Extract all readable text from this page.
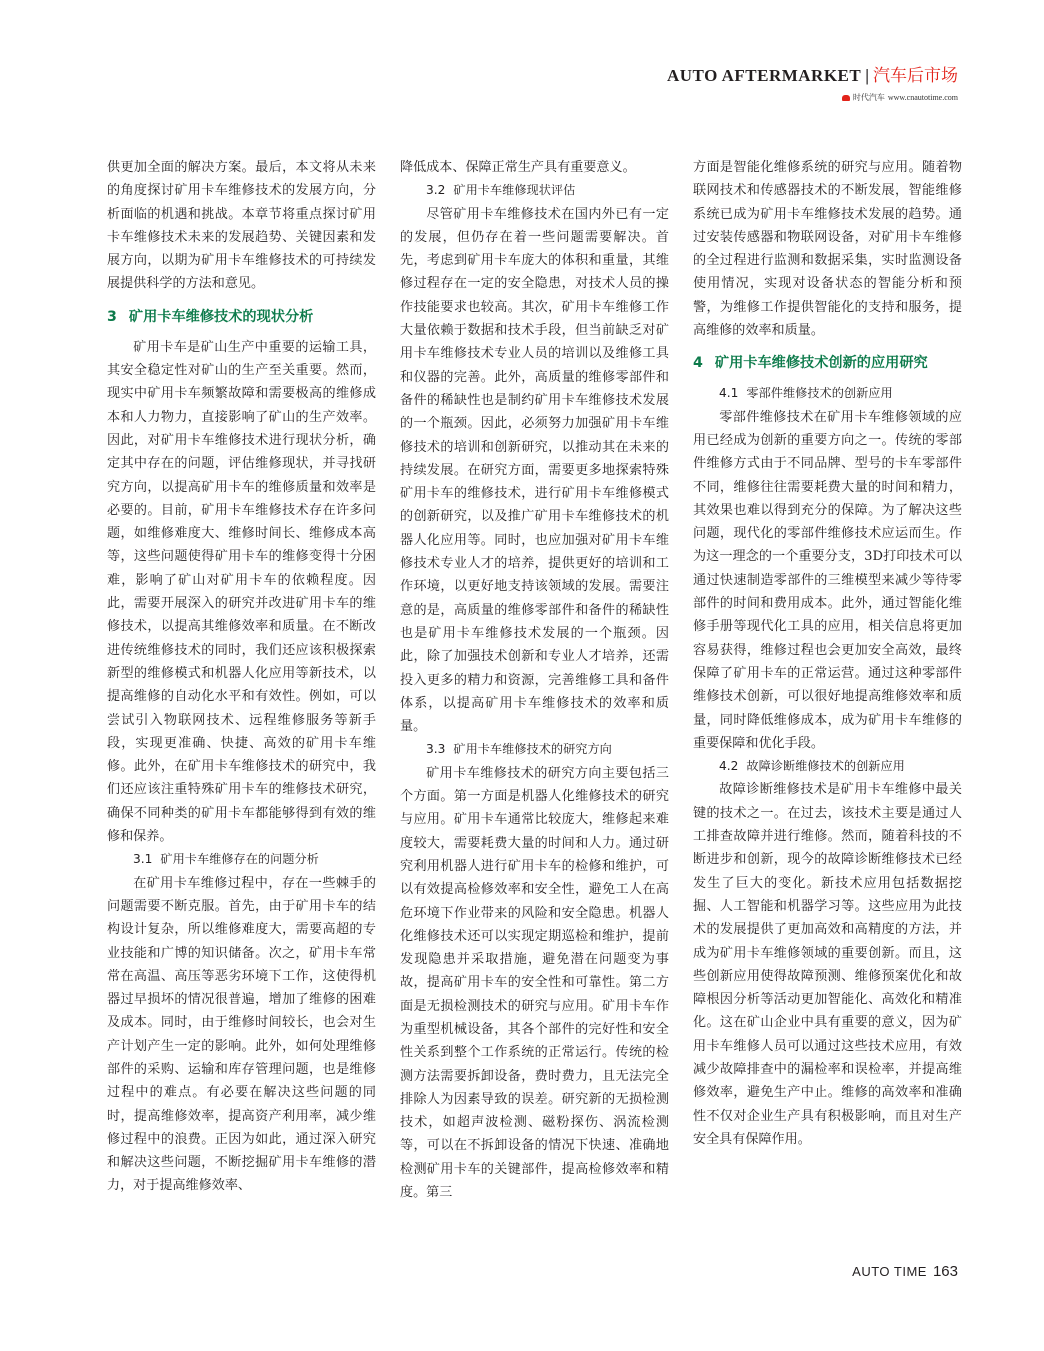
AUTO AFTERMARKET | 汽车后市场
时代汽车 www.cnautotime.com

供更加全面的解决方案。最后，本文将从未来的角度探讨矿用卡车维修技术的发展方向，分析面临的机遇和挑战。本章节将重点探讨矿用卡车维修技术未来的发展趋势、关键因素和发展方向，以期为矿用卡车维修技术的可持续发展提供科学的方法和意见。

3 矿用卡车维修技术的现状分析

矿用卡车是矿山生产中重要的运输工具，其安全稳定性对矿山的生产至关重要。然而，现实中矿用卡车频繁故障和需要极高的维修成本和人力物力，直接影响了矿山的生产效率。因此，对矿用卡车维修技术进行现状分析，确定其中存在的问题，评估维修现状，并寻找研究方向，以提高矿用卡车的维修质量和效率是必要的。目前，矿用卡车维修技术存在许多问题，如维修难度大、维修时间长、维修成本高等，这些问题使得矿用卡车的维修变得十分困难，影响了矿山对矿用卡车的依赖程度。因此，需要开展深入的研究并改进矿用卡车的维修技术，以提高其维修效率和质量。在不断改进传统维修技术的同时，我们还应该积极探索新型的维修模式和机器人化应用等新技术，以提高维修的自动化水平和有效性。例如，可以尝试引入物联网技术、远程维修服务等新手段，实现更准确、快捷、高效的矿用卡车维修。此外，在矿用卡车维修技术的研究中，我们还应该注重特殊矿用卡车的维修技术研究，确保不同种类的矿用卡车都能够得到有效的维修和保养。

3.1 矿用卡车维修存在的问题分析

在矿用卡车维修过程中，存在一些棘手的问题需要不断克服。首先，由于矿用卡车的结构设计复杂，所以维修难度大，需要高超的专业技能和广博的知识储备。次之，矿用卡车常常在高温、高压等恶劣环境下工作，这使得机器过早损坏的情况很普遍，增加了维修的困难及成本。同时，由于维修时间较长，也会对生产计划产生一定的影响。此外，如何处理维修部件的采购、运输和库存管理问题，也是维修过程中的难点。有必要在解决这些问题的同时，提高维修效率，提高资产利用率，减少维修过程中的浪费。正因为如此，通过深入研究和解决这些问题，不断挖掘矿用卡车维修的潜力，对于提高维修效率、

降低成本、保障正常生产具有重要意义。

3.2 矿用卡车维修现状评估

尽管矿用卡车维修技术在国内外已有一定的发展，但仍存在着一些问题需要解决。首先，考虑到矿用卡车庞大的体积和重量，其维修过程存在一定的安全隐患，对技术人员的操作技能要求也较高。其次，矿用卡车维修工作大量依赖于数据和技术手段，但当前缺乏对矿用卡车维修技术专业人员的培训以及维修工具和仪器的完善。此外，高质量的维修零部件和备件的稀缺性也是制约矿用卡车维修技术发展的一个瓶颈。因此，必须努力加强矿用卡车维修技术的培训和创新研究，以推动其在未来的持续发展。在研究方面，需要更多地探索特殊矿用卡车的维修技术，进行矿用卡车维修模式的创新研究，以及推广矿用卡车维修技术的机器人化应用等。同时，也应加强对矿用卡车维修技术专业人才的培养，提供更好的培训和工作环境，以更好地支持该领域的发展。需要注意的是，高质量的维修零部件和备件的稀缺性也是矿用卡车维修技术发展的一个瓶颈。因此，除了加强技术创新和专业人才培养，还需投入更多的精力和资源，完善维修工具和备件体系，以提高矿用卡车维修技术的效率和质量。

3.3 矿用卡车维修技术的研究方向

矿用卡车维修技术的研究方向主要包括三个方面。第一方面是机器人化维修技术的研究与应用。矿用卡车通常比较庞大，维修起来难度较大，需要耗费大量的时间和人力。通过研究利用机器人进行矿用卡车的检修和维护，可以有效提高检修效率和安全性，避免工人在高危环境下作业带来的风险和安全隐患。机器人化维修技术还可以实现定期巡检和维护，提前发现隐患并采取措施，避免潜在问题变为事故，提高矿用卡车的安全性和可靠性。第二方面是无损检测技术的研究与应用。矿用卡车作为重型机械设备，其各个部件的完好性和安全性关系到整个工作系统的正常运行。传统的检测方法需要拆卸设备，费时费力，且无法完全排除人为因素导致的误差。研究新的无损检测技术，如超声波检测、磁粉探伤、涡流检测等，可以在不拆卸设备的情况下快速、准确地检测矿用卡车的关键部件，提高检修效率和精度。第三

方面是智能化维修系统的研究与应用。随着物联网技术和传感器技术的不断发展，智能维修系统已成为矿用卡车维修技术发展的趋势。通过安装传感器和物联网设备，对矿用卡车维修的全过程进行监测和数据采集，实时监测设备使用情况，实现对设备状态的智能分析和预警，为维修工作提供智能化的支持和服务，提高维修的效率和质量。

4 矿用卡车维修技术创新的应用研究
4.1 零部件维修技术的创新应用

零部件维修技术在矿用卡车维修领域的应用已经成为创新的重要方向之一。传统的零部件维修方式由于不同品牌、型号的卡车零部件不同，维修往往需要耗费大量的时间和精力，其效果也难以得到充分的保障。为了解决这些问题，现代化的零部件维修技术应运而生。作为这一理念的一个重要分支，3D打印技术可以通过快速制造零部件的三维模型来减少等待零部件的时间和费用成本。此外，通过智能化维修手册等现代化工具的应用，相关信息将更加容易获得，维修过程也会更加安全高效，最终保障了矿用卡车的正常运营。通过这种零部件维修技术创新，可以很好地提高维修效率和质量，同时降低维修成本，成为矿用卡车维修的重要保障和优化手段。

4.2 故障诊断维修技术的创新应用

故障诊断维修技术是矿用卡车维修中最关键的技术之一。在过去，该技术主要是通过人工排查故障并进行维修。然而，随着科技的不断进步和创新，现今的故障诊断维修技术已经发生了巨大的变化。新技术应用包括数据挖掘、人工智能和机器学习等。这些应用为此技术的发展提供了更加高效和高精度的方法，并成为矿用卡车维修领域的重要创新。而且，这些创新应用使得故障预测、维修预案优化和故障根因分析等活动更加智能化、高效化和精准化。这在矿山企业中具有重要的意义，因为矿用卡车维修人员可以通过这些技术应用，有效减少故障排查中的漏检率和误检率，并提高维修效率，避免生产中止。维修的高效率和准确性不仅对企业生产具有积极影响，而且对生产安全具有保障作用。

AUTO TIME 163
